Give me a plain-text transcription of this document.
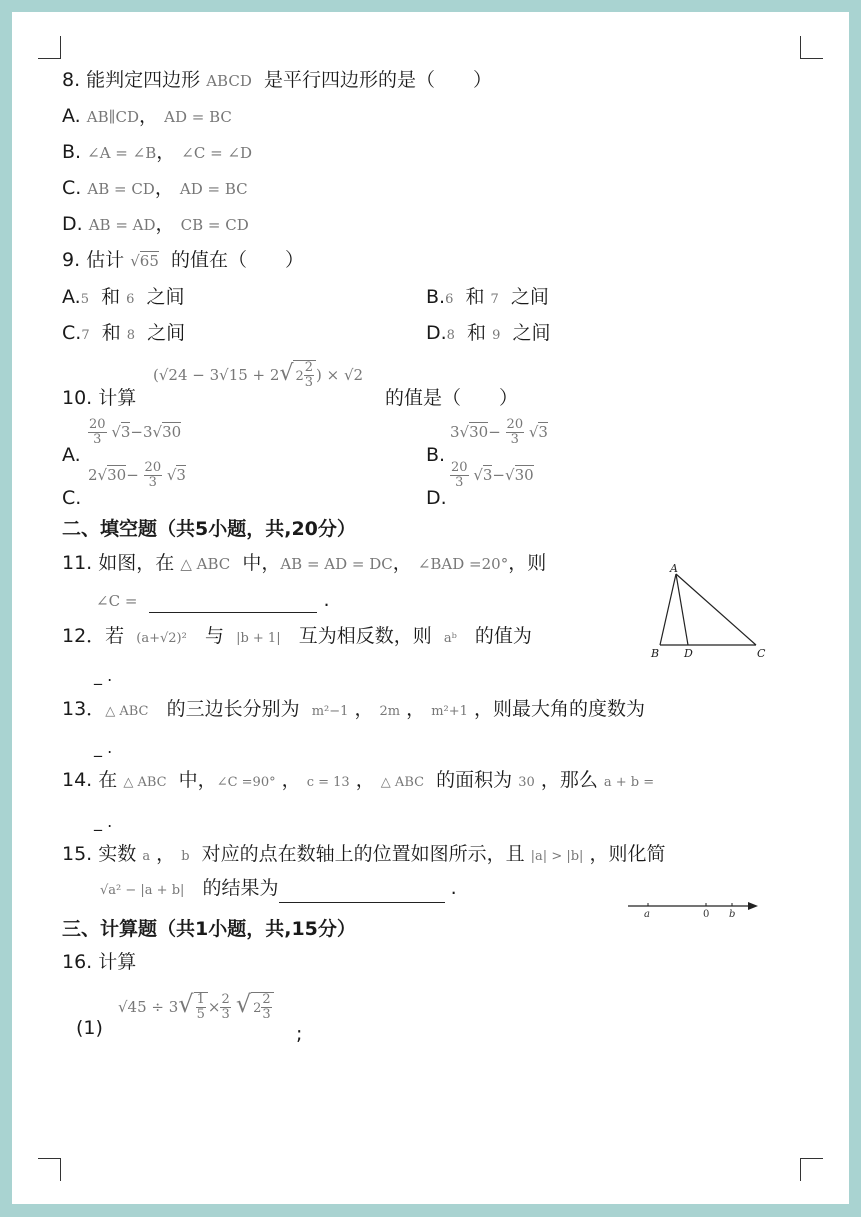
8. 能判定四边形 ABCD 是平行四边形的是（　　）
A. AB∥CD， AD = BC
B. ∠A = ∠B， ∠C = ∠D
C. AB = CD， AD = BC
D. AB = AD， CB = CD
9. 估计 √65 的值在（　　）
A.5 和 6 之间	B.6 和 7 之间
C.7 和 8 之间	D.8 和 9 之间
10. 计算
(√24 − 3√15 + 2√ $2 \frac{2}{3}$ ) × √2
的值是（　　）
A.
$\frac{20}{3} √3-3√30$
B.
$3√30- \frac{20}{3} √3$
C.
$2√30- \frac{20}{3} √3$
D.
$\frac{20}{3} √3-√30$
二、填空题（共5小题，共,20分）
11. 如图，在 △ ABC 中，AB = AD = DC， ∠BAD =20°，则
∠C =	.
A
B D	C
12．若 (a+√2)² 与 |b + 1| 互为相反数，则 aᵇ 的值为
_ .
13．△ ABC 的三边长分别为 m²−1 ， 2m ， m²+1 ，则最大角的度数为
_ .
14. 在 △ ABC 中，∠C =90° ， c = 13 ， △ ABC 的面积为 30 ，那么 a + b =
_ .
15. 实数 a ， b 对应的点在数轴上的位置如图所示，且 |a| > |b| ，则化简
√a² − |a + b| 的结果为	.
a	0 b
三、计算题（共1小题，共,15分）
16. 计算
(1)
$√45 \div 3√ \frac{1}{5} \times \frac{2}{3}$ √ $2 \frac{2}{3}$
;
